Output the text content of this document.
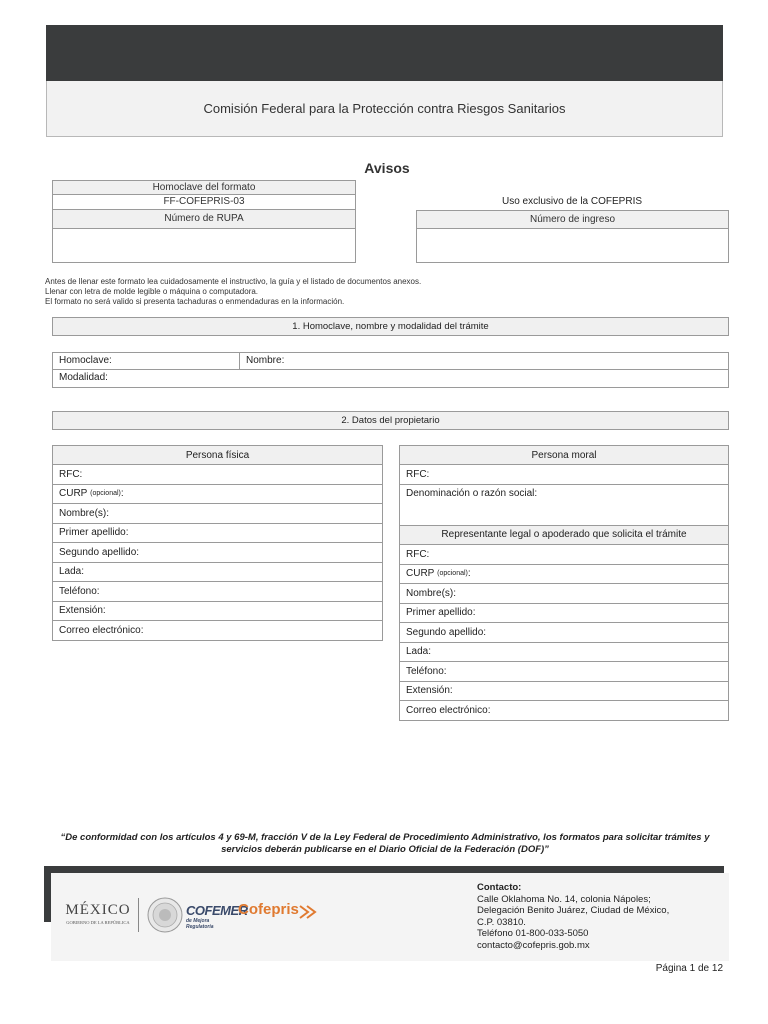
Comisión Federal para la Protección contra Riesgos Sanitarios
Avisos
Homoclave del formato
FF-COFEPRIS-03
Número de RUPA
Uso exclusivo de la COFEPRIS
Número de ingreso
Antes de llenar este formato lea cuidadosamente el instructivo, la guía y el listado de documentos anexos.
Llenar con letra de molde legible o máquina o computadora.
El formato no será valido si presenta tachaduras o enmendaduras en la información.
1. Homoclave, nombre y modalidad del trámite
Homoclave:	Nombre:
Modalidad:
2. Datos del propietario
Persona física
RFC:
CURP
(opcional) :
Nombre(s):
Primer apellido:
Segundo apellido:
Lada:
Teléfono:
Extensión:
Correo electrónico:
Persona moral
RFC:
Denominación o razón social:
Representante legal o apoderado que solicita el trámite
RFC:
CURP
(opcional) :
Nombre(s):
Primer apellido:
Segundo apellido:
Lada:
Teléfono:
Extensión:
Correo electrónico:
“De conformidad con los artículos 4 y 69-M, fracción V de la Ley Federal de Procedimiento Administrativo, los formatos para solicitar trámites y servicios deberán publicarse en el Diario Oficial de la Federación (DOF)”
MÉXICO
GOBIERNO DE LA REPÚBLICA
COFEMER
de Mejora Regulatoria
Cofepris
Contacto:
Calle Oklahoma No. 14, colonia Nápoles;
Delegación Benito Juárez, Ciudad de México,
C.P. 03810.
Teléfono 01-800-033-5050
contacto@cofepris.gob.mx
Página 1 de 12
